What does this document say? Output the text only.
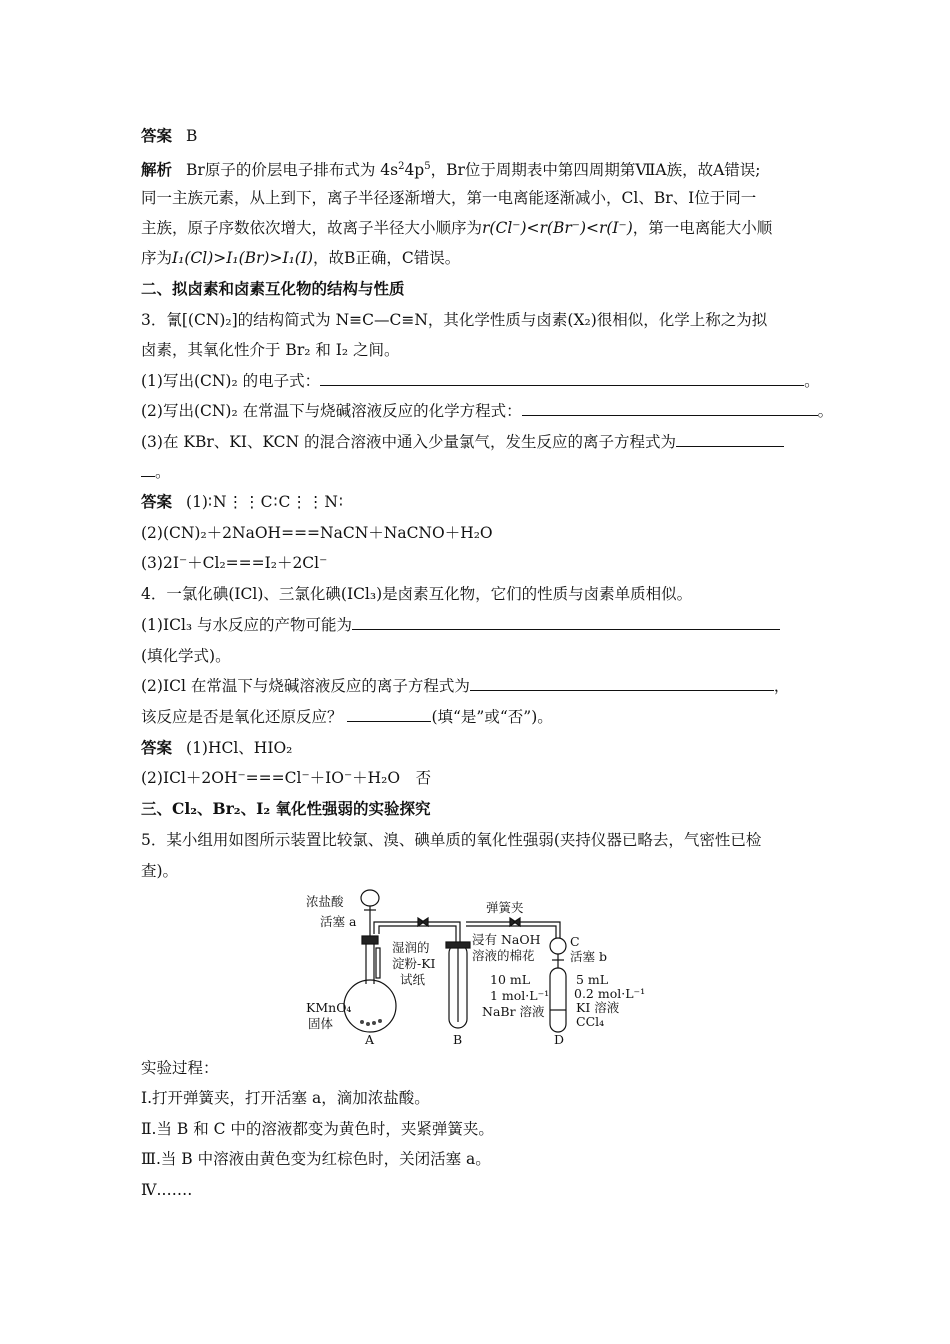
答案 B
解析 Br原子的价层电子排布式为 $4s^24p^5$，Br位于周期表中第四周期第ⅦA族，故A错误;
同一主族元素，从上到下，离子半径逐渐增大，第一电离能逐渐减小，Cl、Br、I位于同一
主族，原子序数依次增大，故离子半径大小顺序为r(Cl⁻)<r(Br⁻)<r(I⁻)，第一电离能大小顺
序为I₁(Cl)>I₁(Br)>I₁(I)，故B正确，C错误。
二、拟卤素和卤素互化物的结构与性质
3．氰[(CN)₂]的结构简式为 N≡C—C≡N，其化学性质与卤素(X₂)很相似，化学上称之为拟
卤素，其氧化性介于 Br₂ 和 I₂ 之间。
(1)写出(CN)₂ 的电子式：	。
(2)写出(CN)₂ 在常温下与烧碱溶液反应的化学方程式：	。
(3)在 KBr、KI、KCN 的混合溶液中通入少量氯气，发生反应的离子方程式为
。
答案 (1)∶N⋮⋮C∶C⋮⋮N∶
(2)(CN)₂＋2NaOH===NaCN＋NaCNO＋H₂O
(3)2I⁻＋Cl₂===I₂＋2Cl⁻
4．一氯化碘(ICl)、三氯化碘(ICl₃)是卤素互化物，它们的性质与卤素单质相似。
(1)ICl₃ 与水反应的产物可能为
(填化学式)。
(2)ICl 在常温下与烧碱溶液反应的离子方程式为	，
该反应是否是氧化还原反应？	(填“是”或“否”)。
答案 (1)HCl、HIO₂
(2)ICl＋2OH⁻===Cl⁻＋IO⁻＋H₂O　否
三、Cl₂、Br₂、I₂ 氧化性强弱的实验探究
5．某小组用如图所示装置比较氯、溴、碘单质的氧化性强弱(夹持仪器已略去，气密性已检
查)。
浓盐酸
活塞 a
弹簧夹
湿润的
淀粉-KI
试纸
KMnO₄
固体
浸有 NaOH
溶液的棉花
C
活塞 b
10 mL
1 mol·L⁻¹
NaBr 溶液
5 mL
0.2 mol·L⁻¹
KI 溶液
CCl₄
A	B	D
实验过程：
Ⅰ.打开弹簧夹，打开活塞 a，滴加浓盐酸。
Ⅱ.当 B 和 C 中的溶液都变为黄色时，夹紧弹簧夹。
Ⅲ.当 B 中溶液由黄色变为红棕色时，关闭活塞 a。
Ⅳ.……
